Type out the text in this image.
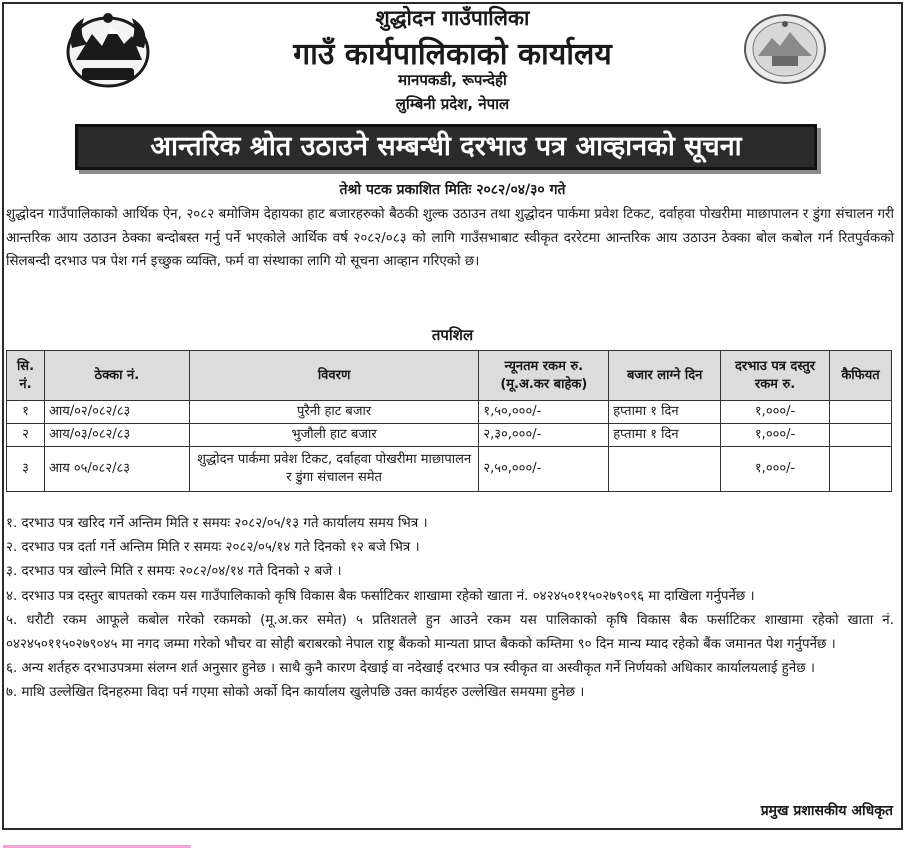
शुद्धोदन गाउँपालिका
गाउँ कार्यपालिकाको कार्यालय
मानपकडी, रूपन्देही
लुम्बिनी प्रदेश, नेपाल
आन्तरिक श्रोत उठाउने सम्बन्धी दरभाउ पत्र आव्हानको सूचना
तेश्रो पटक प्रकाशित मितिः २०८२/०४/३० गते

शुद्धोदन गाउँपालिकाको आर्थिक ऐन, २०८२ बमोजिम देहायका हाट बजारहरुको बैठकी शुल्क उठाउन तथा शुद्धोदन पार्कमा प्रवेश टिकट, दर्वाहवा पोखरीमा माछापालन र डुंगा संचालन गरी आन्तरिक आय उठाउन ठेक्का बन्दोबस्त गर्नु पर्ने भएकोले आर्थिक वर्ष २०८२/०८३ को लागि गाउँसभाबाट स्वीकृत दररेटमा आन्तरिक आय उठाउन ठेक्का बोल कबोल गर्न रितपुर्वकको सिलबन्दी दरभाउ पत्र पेश गर्न इच्छुक व्यक्ति, फर्म वा संस्थाका लागि यो सूचना आव्हान गरिएको छ।

तपशिल
सि. नं.	ठेक्का नं.	विवरण	न्यूनतम रकम रु. (मू.अ.कर बाहेक)	बजार लाग्ने दिन	दरभाउ पत्र दस्तुर रकम रु.	कैफियत
१	आय/०२/०८२/८३	पुरैनी हाट बजार	१,५०,०००/-	हप्तामा १ दिन	१,०००/-	
२	आय/०३/०८२/८३	भुजौली हाट बजार	२,३०,०००/-	हप्तामा १ दिन	१,०००/-	
३	आय ०५/०८२/८३	शुद्धोदन पार्कमा प्रवेश टिकट, दर्वाहवा पोखरीमा माछापालन र डुंगा संचालन समेत	२,५०,०००/-		१,०००/-	
१. दरभाउ पत्र खरिद गर्ने अन्तिम मिति र समयः २०८२/०५/१३ गते कार्यालय समय भित्र ।
२. दरभाउ पत्र दर्ता गर्ने अन्तिम मिति र समयः २०८२/०५/१४ गते दिनको १२ बजे भित्र ।
३. दरभाउ पत्र खोल्ने मिति र समयः २०८२/०४/१४ गते दिनको २ बजे ।
४. दरभाउ पत्र दस्तुर बापतको रकम यस गाउँपालिकाको कृषि विकास बैक फर्साटिकर शाखामा रहेको खाता नं. ०४२४५०११५०२७९०९६ मा दाखिला गर्नुपर्नेछ ।
५. धरौटी रकम आफूले कबोल गरेको रकमको (मू.अ.कर समेत) ५ प्रतिशतले हुन आउने रकम यस पालिकाको कृषि विकास बैक फर्साटिकर शाखामा रहेको खाता नं. ०४२४५०११५०२७९०४५ मा नगद जम्मा गरेको भौचर वा सोही बराबरको नेपाल राष्ट्र बैंकको मान्यता प्राप्त बैकको कम्तिमा ९० दिन मान्य म्याद रहेको बैंक जमानत पेश गर्नुपर्नेछ ।
६. अन्य शर्तहरु दरभाउपत्रमा संलग्न शर्त अनुसार हुनेछ । साथै कुनै कारण देखाई वा नदेखाई दरभाउ पत्र स्वीकृत वा अस्वीकृत गर्ने निर्णयको अधिकार कार्यालयलाई हुनेछ ।
७. माथि उल्लेखित दिनहरुमा विदा पर्न गएमा सोको अर्को दिन कार्यालय खुलेपछि उक्त कार्यहरु उल्लेखित समयमा हुनेछ ।
प्रमुख प्रशासकीय अधिकृत
